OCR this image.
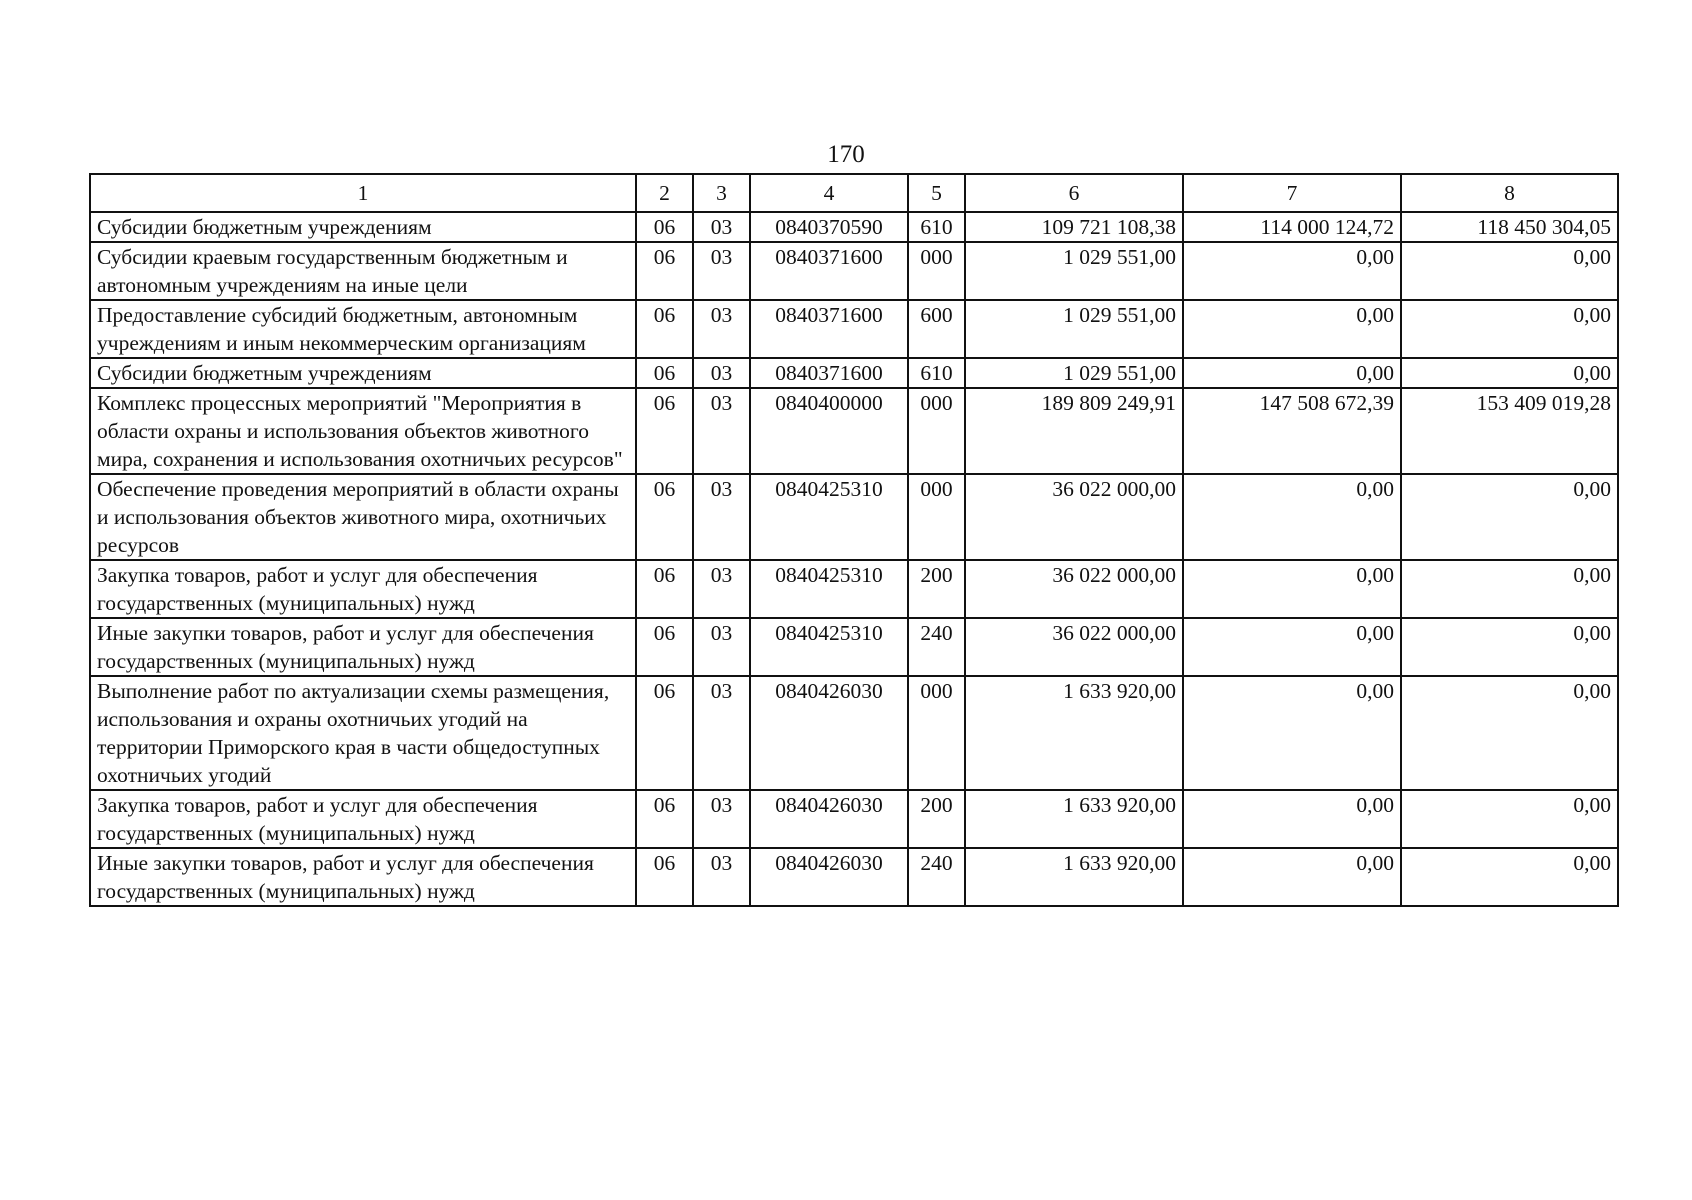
170
1	2	3	4	5	6	7	8
Субсидии бюджетным учреждениям	06	03	0840370590	610	109 721 108,38	114 000 124,72	118 450 304,05
Субсидии краевым государственным бюджетным и автономным учреждениям на иные цели	06	03	0840371600	000	1 029 551,00	0,00	0,00
Предоставление субсидий бюджетным, автономным учреждениям и иным некоммерческим организациям	06	03	0840371600	600	1 029 551,00	0,00	0,00
Субсидии бюджетным учреждениям	06	03	0840371600	610	1 029 551,00	0,00	0,00
Комплекс процессных мероприятий "Мероприятия в области охраны и использования объектов животного мира, сохранения и использования охотничьих ресурсов"	06	03	0840400000	000	189 809 249,91	147 508 672,39	153 409 019,28
Обеспечение проведения мероприятий в области охраны и использования объектов животного мира, охотничьих ресурсов	06	03	0840425310	000	36 022 000,00	0,00	0,00
Закупка товаров, работ и услуг для обеспечения государственных (муниципальных) нужд	06	03	0840425310	200	36 022 000,00	0,00	0,00
Иные закупки товаров, работ и услуг для обеспечения государственных (муниципальных) нужд	06	03	0840425310	240	36 022 000,00	0,00	0,00
Выполнение работ по актуализации схемы размещения, использования и охраны охотничьих угодий на территории Приморского края в части общедоступных охотничьих угодий	06	03	0840426030	000	1 633 920,00	0,00	0,00
Закупка товаров, работ и услуг для обеспечения государственных (муниципальных) нужд	06	03	0840426030	200	1 633 920,00	0,00	0,00
Иные закупки товаров, работ и услуг для обеспечения государственных (муниципальных) нужд	06	03	0840426030	240	1 633 920,00	0,00	0,00
